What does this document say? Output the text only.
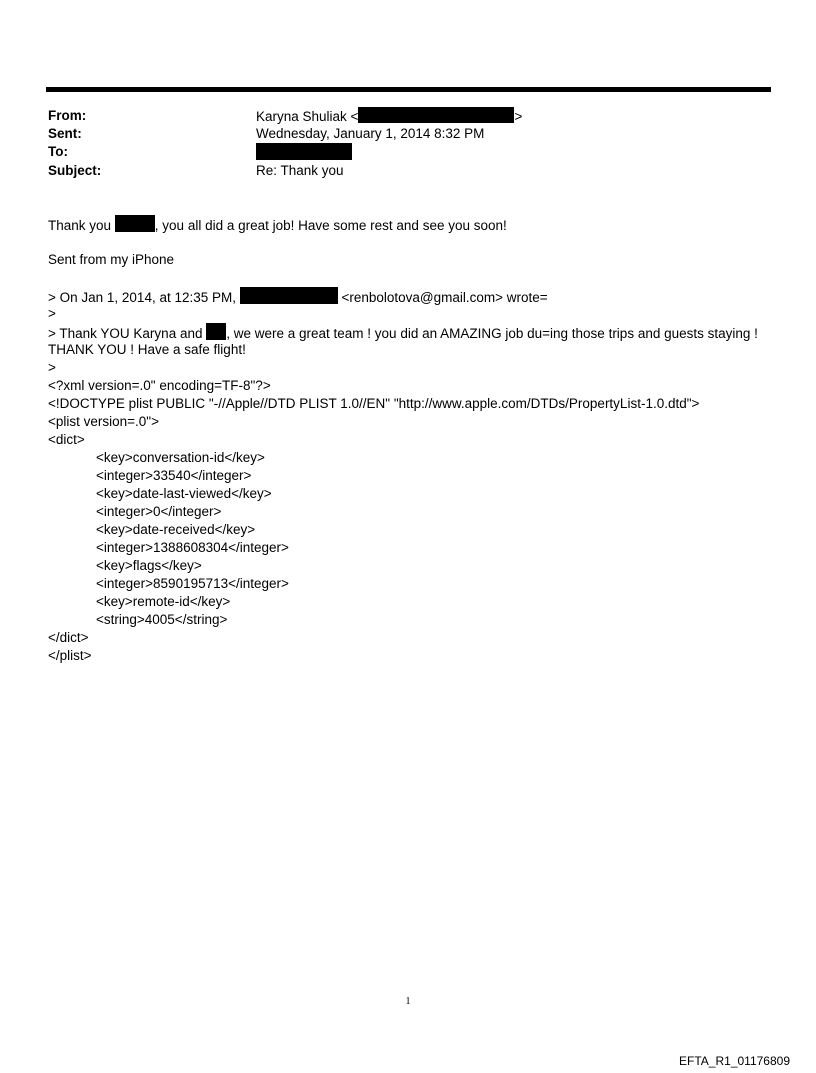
From:	Karyna Shuliak <	>
Sent:	Wednesday, January 1, 2014 8:32 PM
To:
Subject:	Re: Thank you
Thank you	, you all did a great job! Have some rest and see you soon!
Sent from my iPhone
> On Jan 1, 2014, at 12:35 PM,	<renbolotova@gmail.com> wrote=
>
> Thank YOU Karyna and , we were a great team ! you did an AMAZING job du=ing those trips and guests staying !
THANK YOU ! Have a safe flight!
>
<?xml version=.0" encoding=TF-8"?>
<!DOCTYPE plist PUBLIC "-//Apple//DTD PLIST 1.0//EN" "http://www.apple.com/DTDs/PropertyList-1.0.dtd">
<plist version=.0">
<dict>
<key>conversation-id</key>
<integer>33540</integer>
<key>date-last-viewed</key>
<integer>0</integer>
<key>date-received</key>
<integer>1388608304</integer>
<key>flags</key>
<integer>8590195713</integer>
<key>remote-id</key>
<string>4005</string>
</dict>
</plist>
1
EFTA_R1_01176809
